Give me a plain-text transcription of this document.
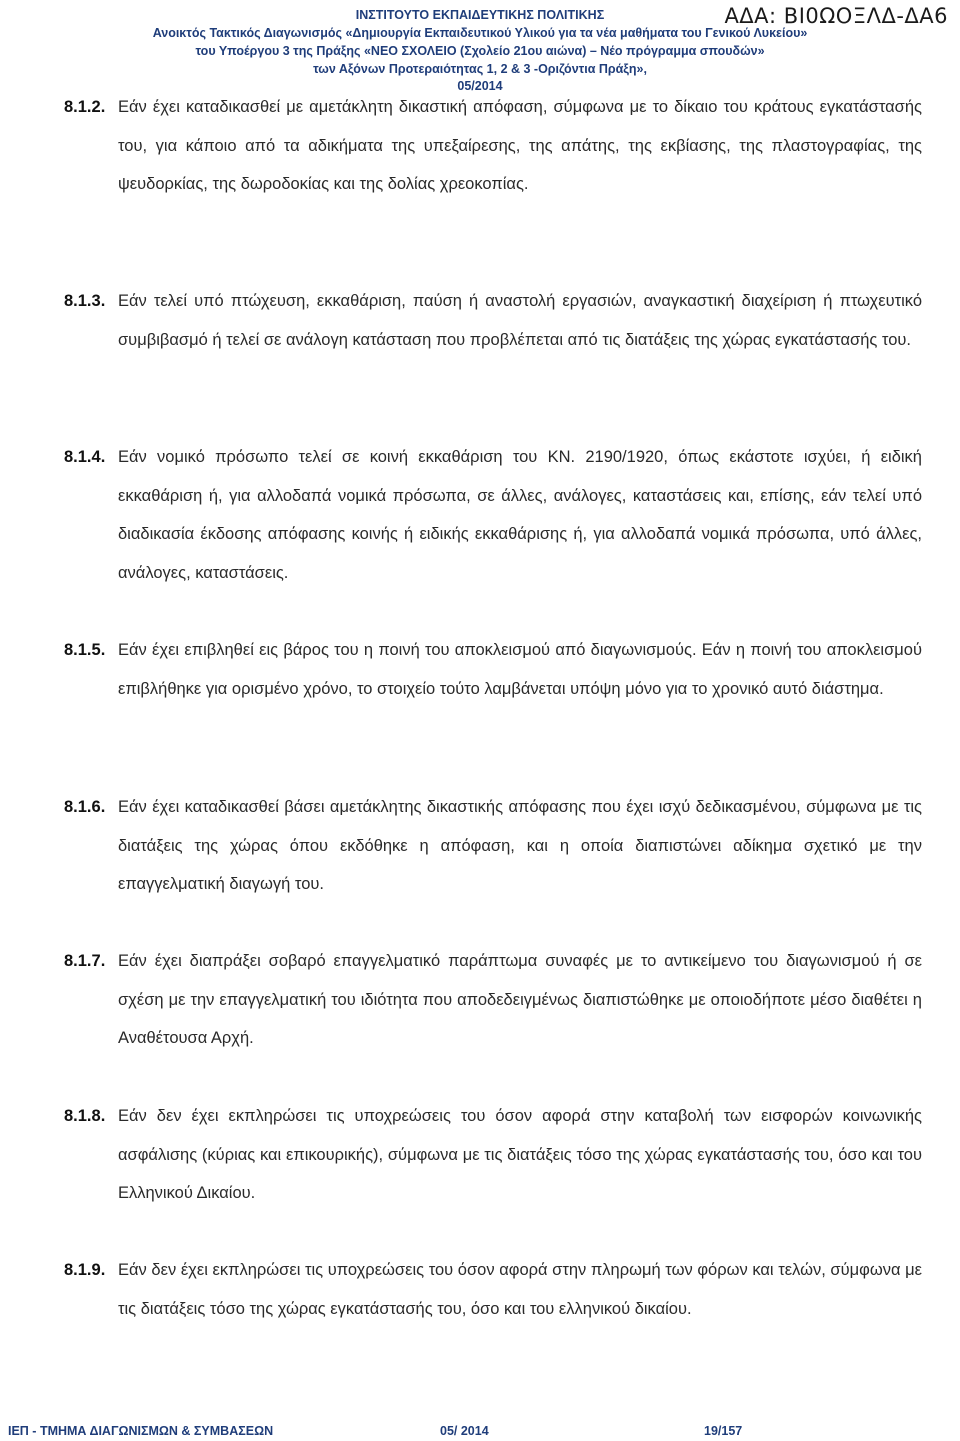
ΙΝΣΤΙΤΟΥΤΟ ΕΚΠΑΙΔΕΥΤΙΚΗΣ ΠΟΛΙΤΙΚΗΣ
Ανοικτός Τακτικός Διαγωνισμός «Δημιουργία Εκπαιδευτικού Υλικού για τα νέα μαθήματα του Γενικού Λυκείου»
του Υποέργου 3 της Πράξης «ΝΕΟ ΣΧΟΛΕΙΟ (Σχολείο 21ου αιώνα) – Νέο πρόγραμμα σπουδών»
των Αξόνων Προτεραιότητας 1, 2 & 3 -Οριζόντια Πράξη»,
05/2014
ΑΔΑ: ΒΙ0ΩΟΞΛΔ-ΔΑ6
8.1.2. Εάν έχει καταδικασθεί με αμετάκλητη δικαστική απόφαση, σύμφωνα με το δίκαιο του κράτους εγκατάστασής του, για κάποιο από τα αδικήματα της υπεξαίρεσης, της απάτης, της εκβίασης, της πλαστογραφίας, της ψευδορκίας, της δωροδοκίας και της δολίας χρεοκοπίας.
8.1.3. Εάν τελεί υπό πτώχευση, εκκαθάριση, παύση ή αναστολή εργασιών, αναγκαστική διαχείριση ή πτωχευτικό συμβιβασμό ή τελεί σε ανάλογη κατάσταση που προβλέπεται από τις διατάξεις της χώρας εγκατάστασής του.
8.1.4. Εάν νομικό πρόσωπο τελεί σε κοινή εκκαθάριση του ΚΝ. 2190/1920, όπως εκάστοτε ισχύει, ή ειδική εκκαθάριση ή, για αλλοδαπά νομικά πρόσωπα, σε άλλες, ανάλογες, καταστάσεις και, επίσης, εάν τελεί υπό διαδικασία έκδοσης απόφασης κοινής ή ειδικής εκκαθάρισης ή, για αλλοδαπά νομικά πρόσωπα, υπό άλλες, ανάλογες, καταστάσεις.
8.1.5. Εάν έχει επιβληθεί εις βάρος του η ποινή του αποκλεισμού από διαγωνισμούς. Εάν η ποινή του αποκλεισμού επιβλήθηκε για ορισμένο χρόνο, το στοιχείο τούτο λαμβάνεται υπόψη μόνο για το χρονικό αυτό διάστημα.
8.1.6. Εάν έχει καταδικασθεί βάσει αμετάκλητης δικαστικής απόφασης που έχει ισχύ δεδικασμένου, σύμφωνα με τις διατάξεις της χώρας όπου εκδόθηκε η απόφαση, και η οποία διαπιστώνει αδίκημα σχετικό με την επαγγελματική διαγωγή του.
8.1.7. Εάν έχει διαπράξει σοβαρό επαγγελματικό παράπτωμα συναφές με το αντικείμενο του διαγωνισμού ή σε σχέση με την επαγγελματική του ιδιότητα που αποδεδειγμένως διαπιστώθηκε με οποιοδήποτε μέσο διαθέτει η Αναθέτουσα Αρχή.
8.1.8. Εάν δεν έχει εκπληρώσει τις υποχρεώσεις του όσον αφορά στην καταβολή των εισφορών κοινωνικής ασφάλισης (κύριας και επικουρικής), σύμφωνα με τις διατάξεις τόσο της χώρας εγκατάστασής του, όσο και του Ελληνικού Δικαίου.
8.1.9. Εάν δεν έχει εκπληρώσει τις υποχρεώσεις του όσον αφορά στην πληρωμή των φόρων και τελών, σύμφωνα με τις διατάξεις τόσο της χώρας εγκατάστασής του, όσο και του ελληνικού δικαίου.
ΙΕΠ - ΤΜΗΜΑ ΔΙΑΓΩΝΙΣΜΩΝ & ΣΥΜΒΑΣΕΩΝ	05/ 2014	19/157
